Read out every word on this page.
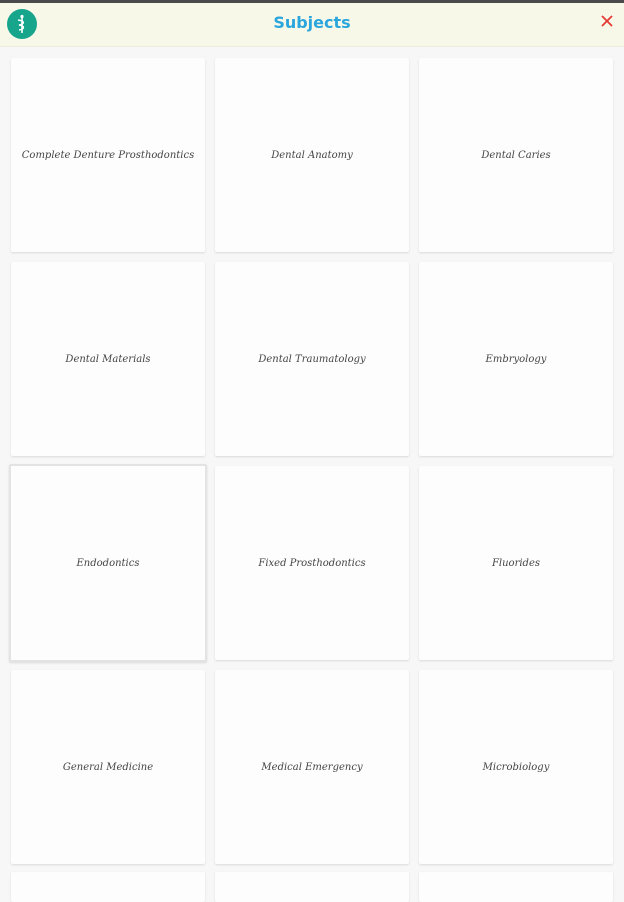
Subjects
Complete Denture Prosthodontics	Dental Anatomy	Dental Caries
Dental Materials	Dental Traumatology	Embryology
Endodontics	Fixed Prosthodontics	Fluorides
General Medicine	Medical Emergency	Microbiology
